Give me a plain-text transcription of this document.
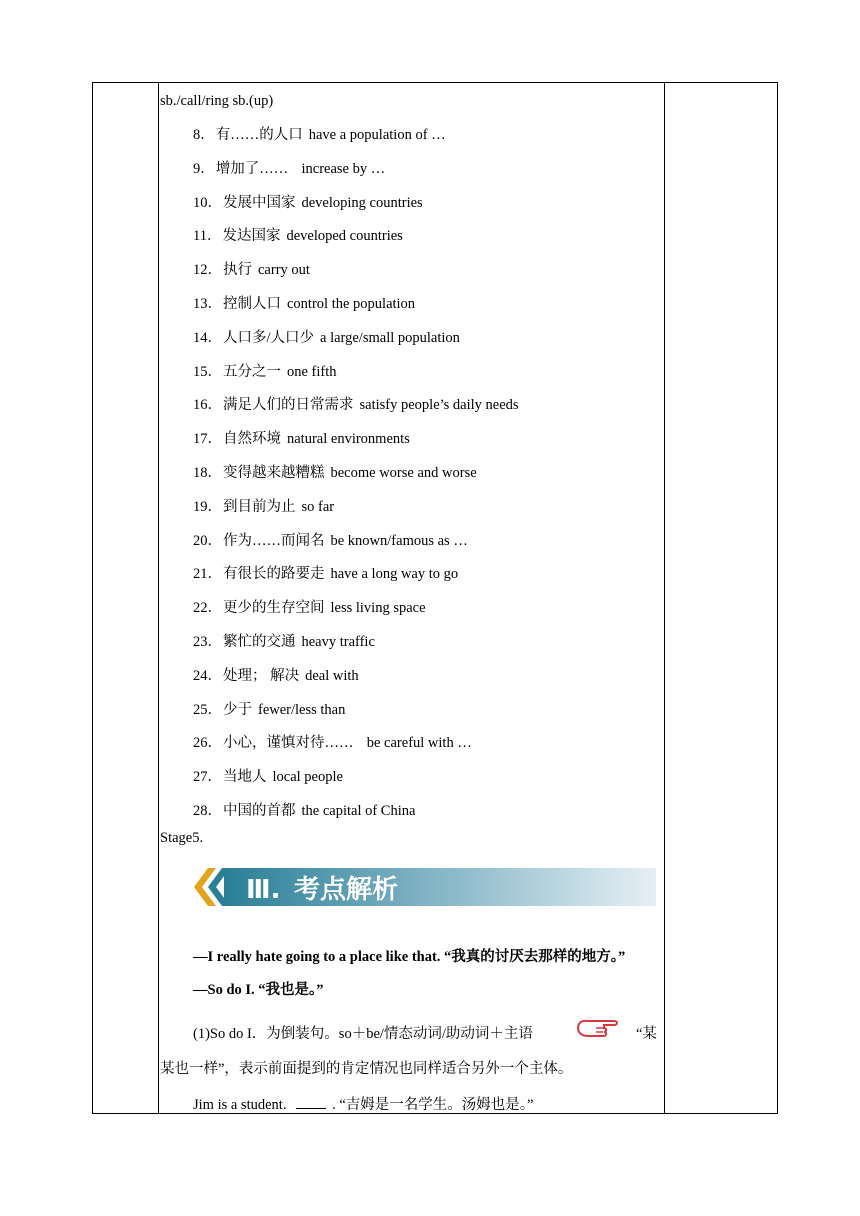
sb./call/ring sb.(up)
8．有……的人口 have a population of …
9．增加了……  increase by …
10．发展中国家 developing countries
11．发达国家 developed countries
12．执行 carry out
13．控制人口 control the population
14．人口多/人口少 a large/small population
15．五分之一 one fifth
16．满足人们的日常需求 satisfy people’s daily needs
17．自然环境 natural environments
18．变得越来越糟糕 become worse and worse
19．到目前为止 so far
20．作为……而闻名 be known/famous as …
21．有很长的路要走 have a long way to go
22．更少的生存空间 less living space
23．繁忙的交通 heavy traffic
24．处理； 解决 deal with
25．少于 fewer/less than
26．小心，谨慎对待……  be careful with …
27．当地人 local people
28．中国的首都 the capital of China
Stage5.
Ⅲ. 考点解析
—I really hate going to a place like that. “我真的讨厌去那样的地方。”
—So do I. “我也是。”
(1)So do I．为倒装句。so＋be/情态动词/助动词＋主语	“某
某也一样”，表示前面提到的肯定情况也同样适合另外一个主体。
Jim is a student.	. “吉姆是一名学生。汤姆也是。”
